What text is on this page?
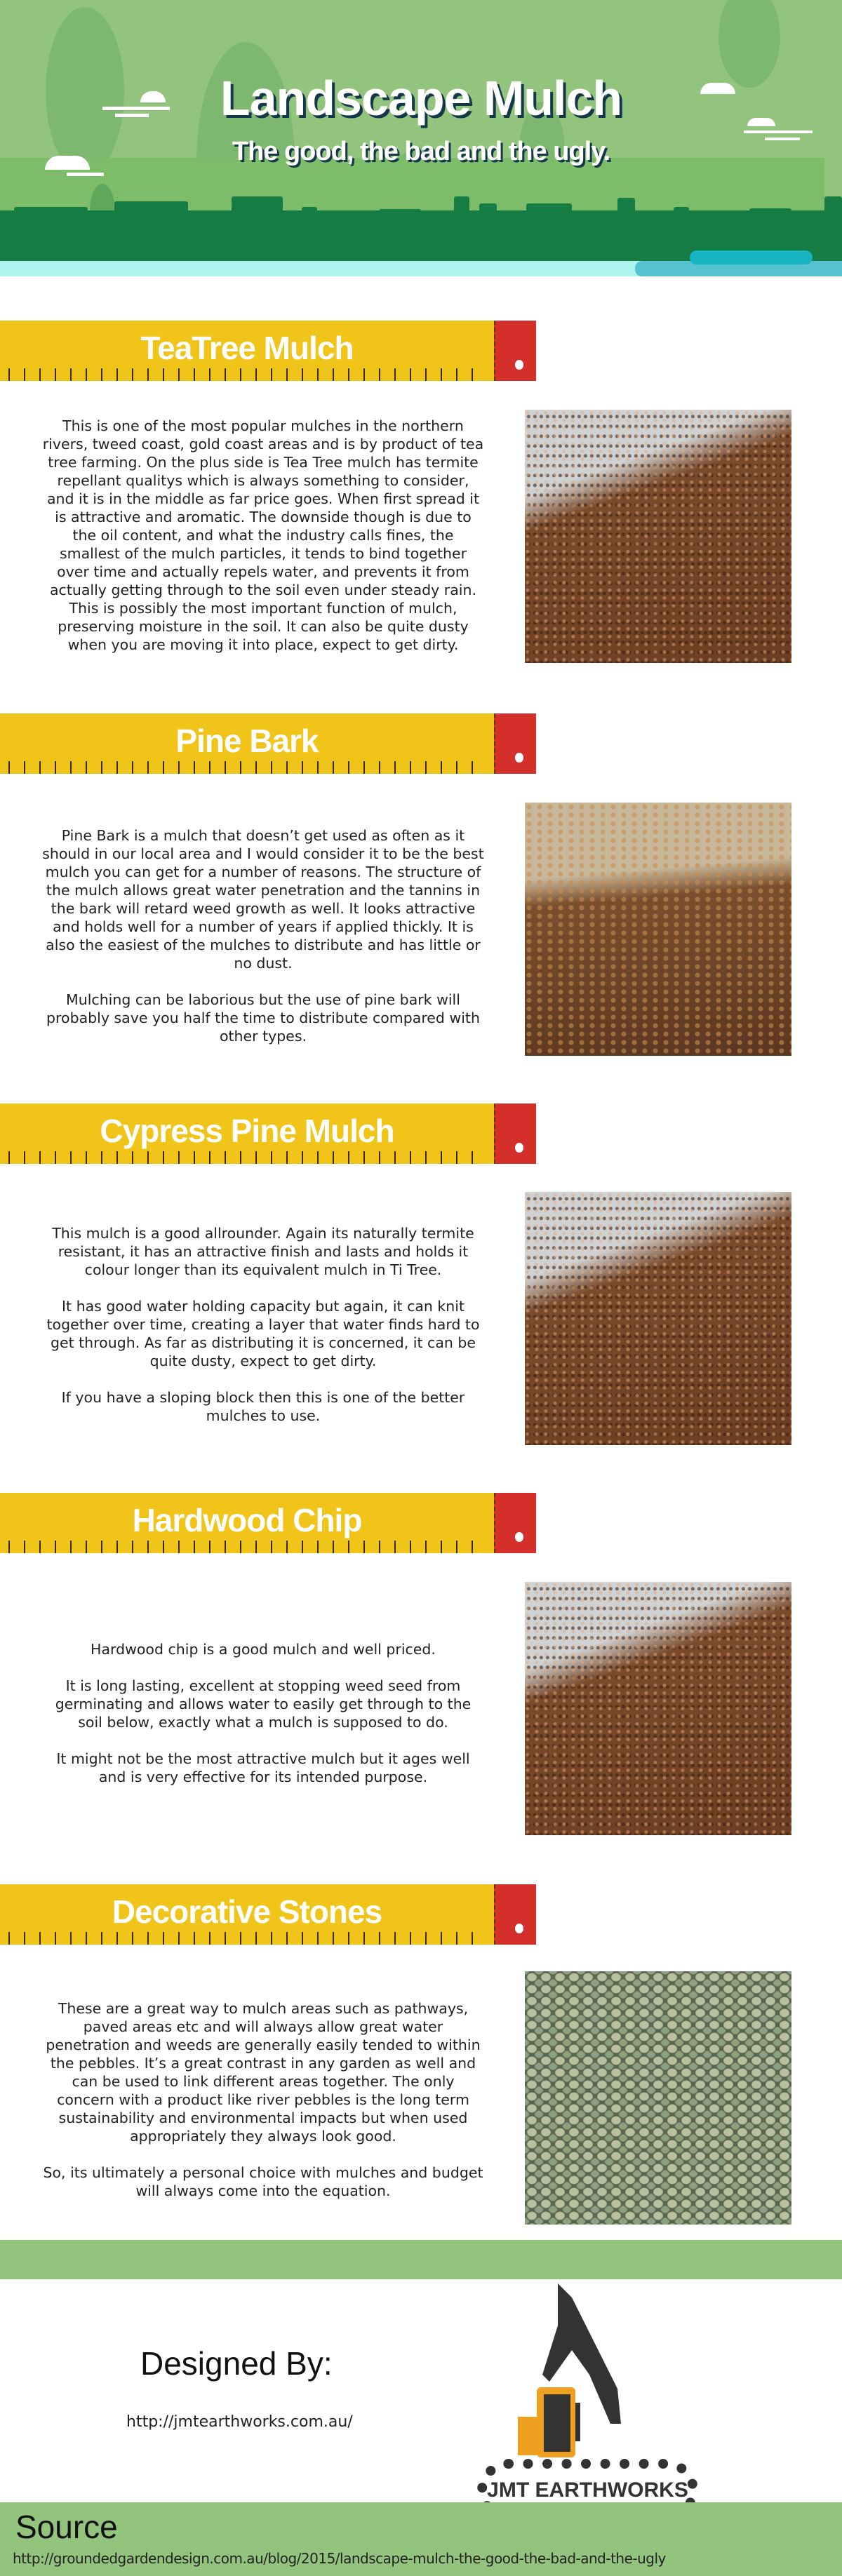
Landscape Mulch
The good, the bad and the ugly.
TeaTree Mulch

This is one of the most popular mulches in the northern rivers, tweed coast, gold coast areas and is by product of tea tree farming. On the plus side is Tea Tree mulch has termite repellant qualitys which is always something to consider, and it is in the middle as far price goes. When first spread it is attractive and aromatic. The downside though is due to the oil content, and what the industry calls fines, the smallest of the mulch particles, it tends to bind together over time and actually repels water, and prevents it from actually getting through to the soil even under steady rain. This is possibly the most important function of mulch, preserving moisture in the soil. It can also be quite dusty when you are moving it into place, expect to get dirty.

Pine Bark

Pine Bark is a mulch that doesn’t get used as often as it should in our local area and I would consider it to be the best mulch you can get for a number of reasons. The structure of the mulch allows great water penetration and the tannins in the bark will retard weed growth as well. It looks attractive and holds well for a number of years if applied thickly. It is also the easiest of the mulches to distribute and has little or no dust.

Mulching can be laborious but the use of pine bark will probably save you half the time to distribute compared with other types.

Cypress Pine Mulch

This mulch is a good allrounder. Again its naturally termite resistant, it has an attractive finish and lasts and holds it colour longer than its equivalent mulch in Ti Tree.

It has good water holding capacity but again, it can knit together over time, creating a layer that water finds hard to get through. As far as distributing it is concerned, it can be quite dusty, expect to get dirty.

If you have a sloping block then this is one of the better mulches to use.

Hardwood Chip

Hardwood chip is a good mulch and well priced.

It is long lasting, excellent at stopping weed seed from germinating and allows water to easily get through to the soil below, exactly what a mulch is supposed to do.

It might not be the most attractive mulch but it ages well and is very effective for its intended purpose.

Decorative Stones

These are a great way to mulch areas such as pathways, paved areas etc and will always allow great water penetration and weeds are generally easily tended to within the pebbles. It’s a great contrast in any garden as well and can be used to link different areas together. The only concern with a product like river pebbles is the long term sustainability and environmental impacts but when used appropriately they always look good.

So, its ultimately a personal choice with mulches and budget will always come into the equation.

Designed By:
http://jmtearthworks.com.au/
JMT EARTHWORKS
Source
http://groundedgardendesign.com.au/blog/2015/landscape-mulch-the-good-the-bad-and-the-ugly
